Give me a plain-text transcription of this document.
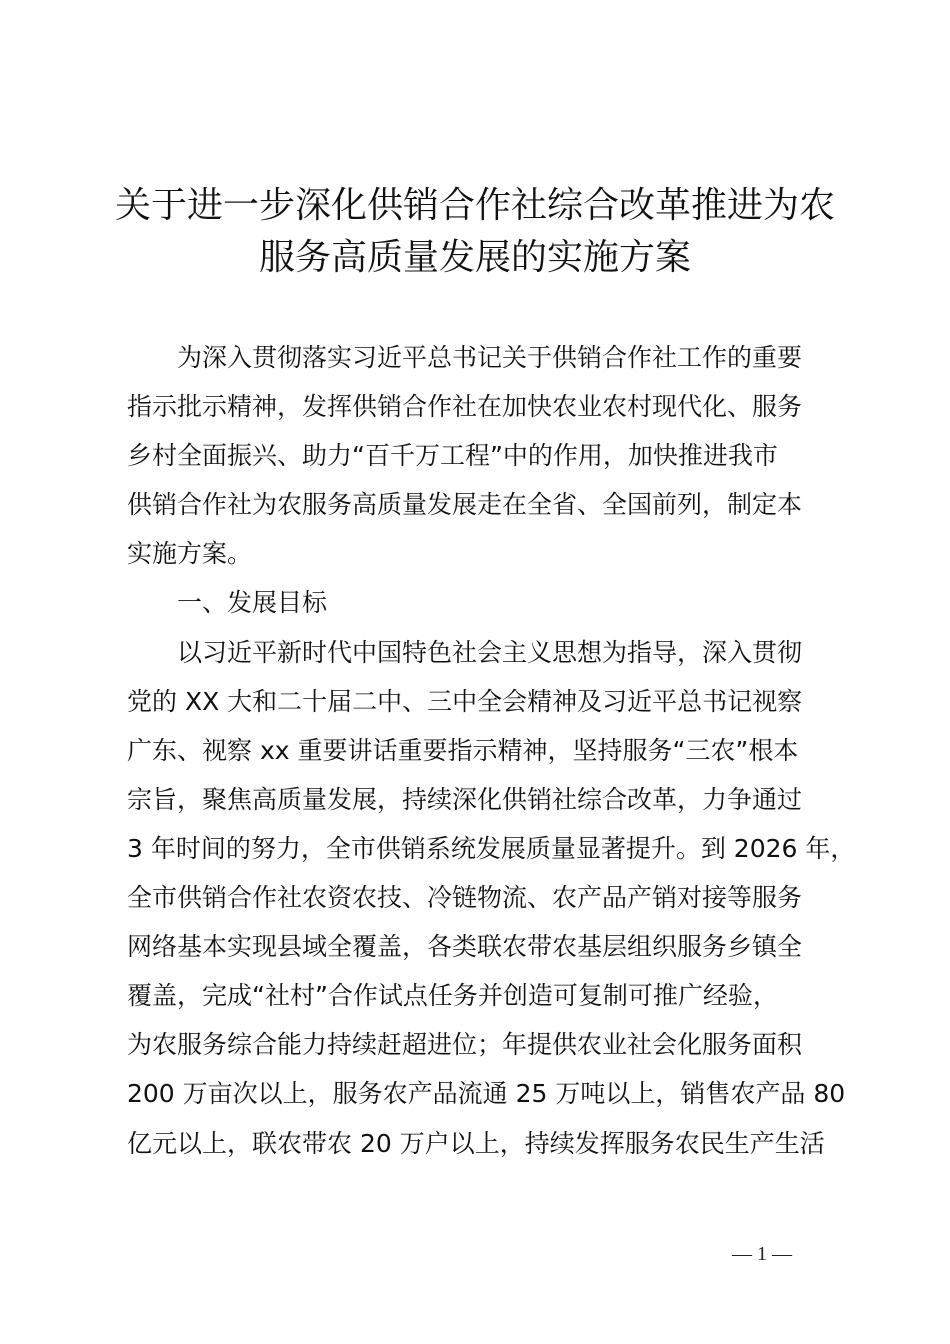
关于进一步深化供销合作社综合改革推进为农
服务高质量发展的实施方案
为深入贯彻落实习近平总书记关于供销合作社工作的重要
指示批示精神，发挥供销合作社在加快农业农村现代化、服务
乡村全面振兴、助力“百千万工程”中的作用，加快推进我市
供销合作社为农服务高质量发展走在全省、全国前列，制定本
实施方案。
一、发展目标
以习近平新时代中国特色社会主义思想为指导，深入贯彻
党的 XX 大和二十届二中、三中全会精神及习近平总书记视察
广东、视察 xx 重要讲话重要指示精神，坚持服务“三农”根本
宗旨，聚焦高质量发展，持续深化供销社综合改革，力争通过
3 年时间的努力，全市供销系统发展质量显著提升。到 2026 年，
全市供销合作社农资农技、冷链物流、农产品产销对接等服务
网络基本实现县域全覆盖，各类联农带农基层组织服务乡镇全
覆盖，完成“社村”合作试点任务并创造可复制可推广经验，
为农服务综合能力持续赶超进位；年提供农业社会化服务面积
200 万亩次以上，服务农产品流通 25 万吨以上，销售农产品 80
亿元以上，联农带农 20 万户以上，持续发挥服务农民生产生活
— 1 —
